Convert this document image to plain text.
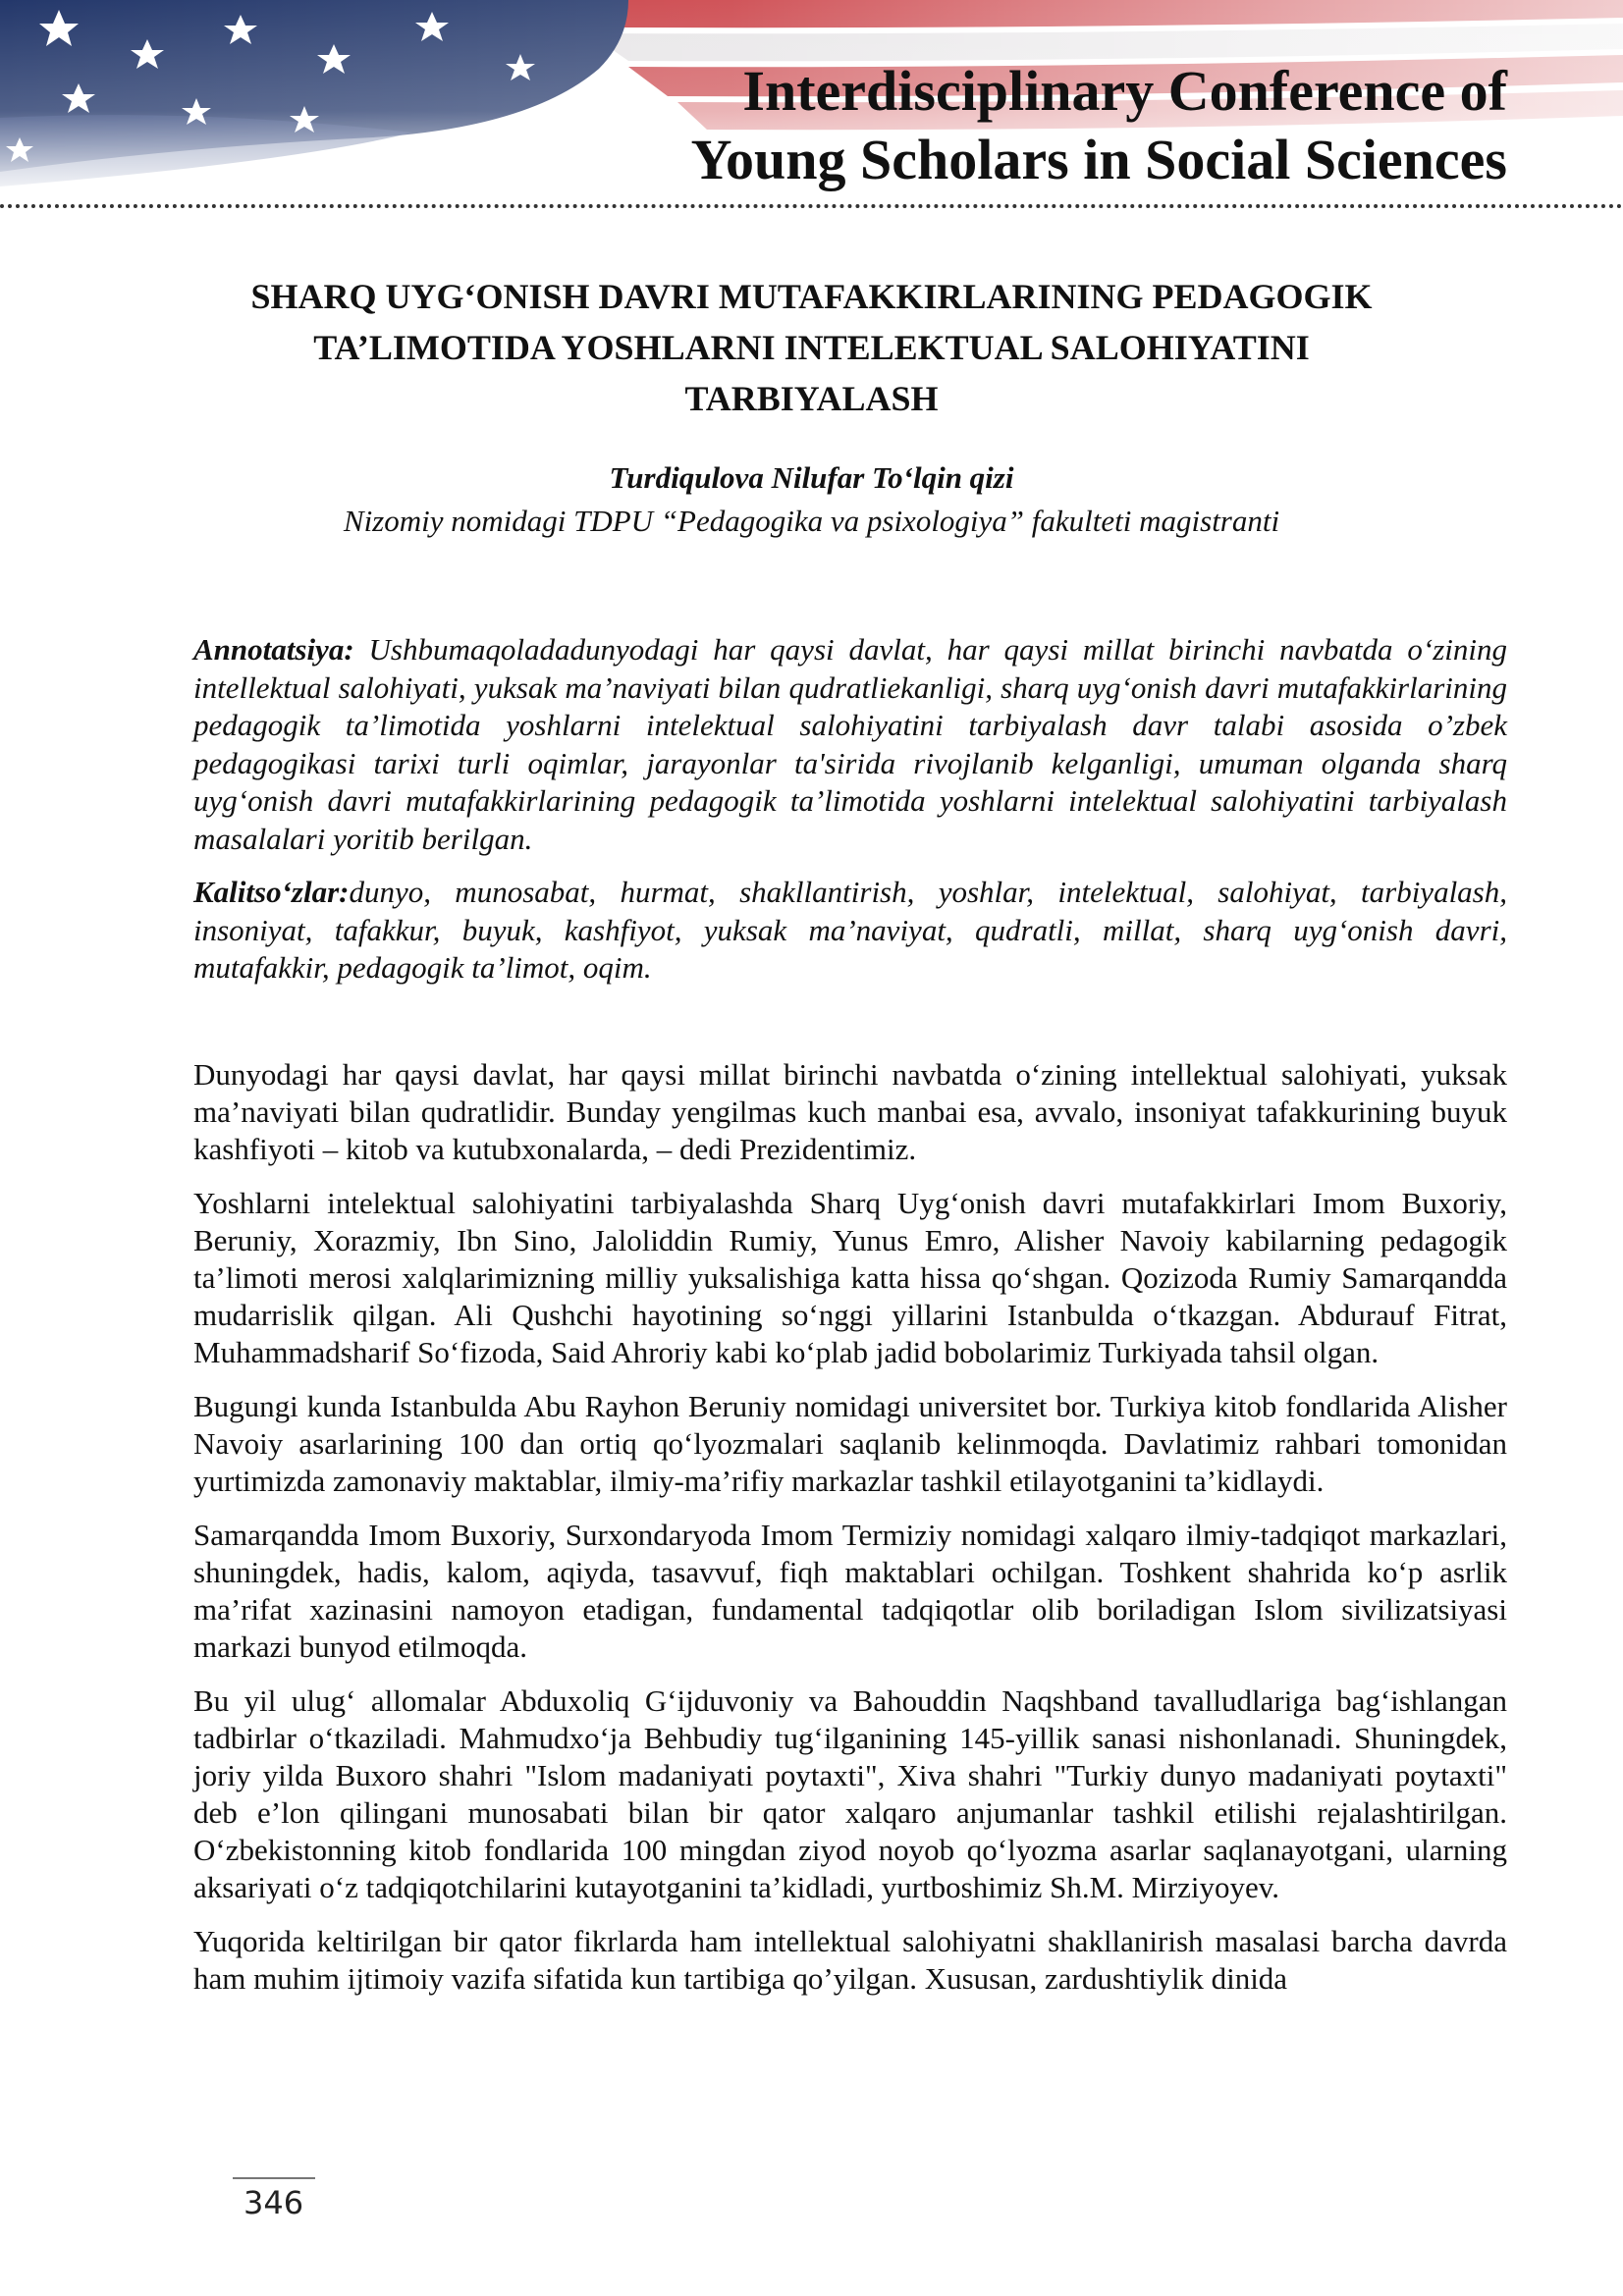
Interdisciplinary Conference of
Young Scholars in Social Sciences
SHARQ UYG‘ONISH DAVRI MUTAFAKKIRLARINING PEDAGOGIK TA’LIMOTIDA YOSHLARNI INTELEKTUAL SALOHIYATINI TARBIYALASH
Turdiqulova Nilufar To‘lqin qizi
Nizomiy nomidagi TDPU “Pedagogika va psixologiya” fakulteti magistranti

Annotatsiya: Ushbumaqoladadunyodagi har qaysi davlat, har qaysi millat birinchi navbatda o‘zining intellektual salohiyati, yuksak ma’naviyati bilan qudratliekanligi, sharq uyg‘onish davri mutafakkirlarining pedagogik ta’limotida yoshlarni intelektual salohiyatini tarbiyalash davr talabi asosida o’zbek pedagogikasi tarixi turli oqimlar, jarayonlar ta'sirida rivojlanib kelganligi, umuman olganda sharq uyg‘onish davri mutafakkirlarining pedagogik ta’limotida yoshlarni intelektual salohiyatini tarbiyalash masalalari yoritib berilgan.

Kalitso‘zlar:dunyo, munosabat, hurmat, shakllantirish, yoshlar, intelektual, salohiyat, tarbiyalash, insoniyat, tafakkur, buyuk, kashfiyot, yuksak ma’naviyat, qudratli, millat, sharq uyg‘onish davri, mutafakkir, pedagogik ta’limot, oqim.

Dunyodagi har qaysi davlat, har qaysi millat birinchi navbatda o‘zining intellektual salohiyati, yuksak ma’naviyati bilan qudratlidir. Bunday yengilmas kuch manbai esa, avvalo, insoniyat tafakkurining buyuk kashfiyoti – kitob va kutubxonalarda, – dedi Prezidentimiz.

Yoshlarni intelektual salohiyatini tarbiyalashda Sharq Uyg‘onish davri mutafakkirlari Imom Buxoriy, Beruniy, Xorazmiy, Ibn Sino, Jaloliddin Rumiy, Yunus Emro, Alisher Navoiy kabilarning pedagogik ta’limoti merosi xalqlarimizning milliy yuksalishiga katta hissa qo‘shgan. Qozizoda Rumiy Samarqandda mudarrislik qilgan. Ali Qushchi hayotining so‘nggi yillarini Istanbulda o‘tkazgan. Abdurauf Fitrat, Muhammadsharif So‘fizoda, Said Ahroriy kabi ko‘plab jadid bobolarimiz Turkiyada tahsil olgan.

Bugungi kunda Istanbulda Abu Rayhon Beruniy nomidagi universitet bor. Turkiya kitob fondlarida Alisher Navoiy asarlarining 100 dan ortiq qo‘lyozmalari saqlanib kelinmoqda. Davlatimiz rahbari tomonidan yurtimizda zamonaviy maktablar, ilmiy-ma’rifiy markazlar tashkil etilayotganini ta’kidlaydi.

Samarqandda Imom Buxoriy, Surxondaryoda Imom Termiziy nomidagi xalqaro ilmiy-tadqiqot markazlari, shuningdek, hadis, kalom, aqiyda, tasavvuf, fiqh maktablari ochilgan. Toshkent shahrida ko‘p asrlik ma’rifat xazinasini namoyon etadigan, fundamental tadqiqotlar olib boriladigan Islom sivilizatsiyasi markazi bunyod etilmoqda.

Bu yil ulug‘ allomalar Abduxoliq G‘ijduvoniy va Bahouddin Naqshband tavalludlariga bag‘ishlangan tadbirlar o‘tkaziladi. Mahmudxo‘ja Behbudiy tug‘ilganining 145-yillik sanasi nishonlanadi. Shuningdek, joriy yilda Buxoro shahri "Islom madaniyati poytaxti", Xiva shahri "Turkiy dunyo madaniyati poytaxti" deb e’lon qilingani munosabati bilan bir qator xalqaro anjumanlar tashkil etilishi rejalashtirilgan. O‘zbekistonning kitob fondlarida 100 mingdan ziyod noyob qo‘lyozma asarlar saqlanayotgani, ularning aksariyati o‘z tadqiqotchilarini kutayotganini ta’kidladi, yurtboshimiz Sh.M. Mirziyoyev.

Yuqorida keltirilgan bir qator fikrlarda ham intellektual salohiyatni shakllanirish masalasi barcha davrda ham muhim ijtimoiy vazifa sifatida kun tartibiga qo’yilgan. Xususan, zardushtiylik dinida

346
